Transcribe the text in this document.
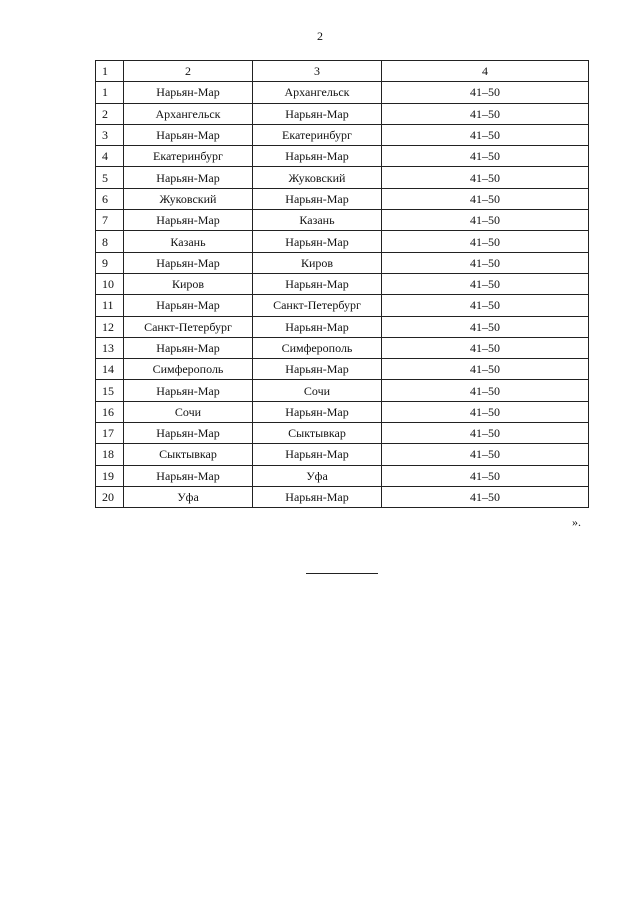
2
1	2	3	4
1	Нарьян-Мар	Архангельск	41–50
2	Архангельск	Нарьян-Мар	41–50
3	Нарьян-Мар	Екатеринбург	41–50
4	Екатеринбург	Нарьян-Мар	41–50
5	Нарьян-Мар	Жуковский	41–50
6	Жуковский	Нарьян-Мар	41–50
7	Нарьян-Мар	Казань	41–50
8	Казань	Нарьян-Мар	41–50
9	Нарьян-Мар	Киров	41–50
10	Киров	Нарьян-Мар	41–50
11	Нарьян-Мар	Санкт-Петербург	41–50
12	Санкт-Петербург	Нарьян-Мар	41–50
13	Нарьян-Мар	Симферополь	41–50
14	Симферополь	Нарьян-Мар	41–50
15	Нарьян-Мар	Сочи	41–50
16	Сочи	Нарьян-Мар	41–50
17	Нарьян-Мар	Сыктывкар	41–50
18	Сыктывкар	Нарьян-Мар	41–50
19	Нарьян-Мар	Уфа	41–50
20	Уфа	Нарьян-Мар	41–50
».
